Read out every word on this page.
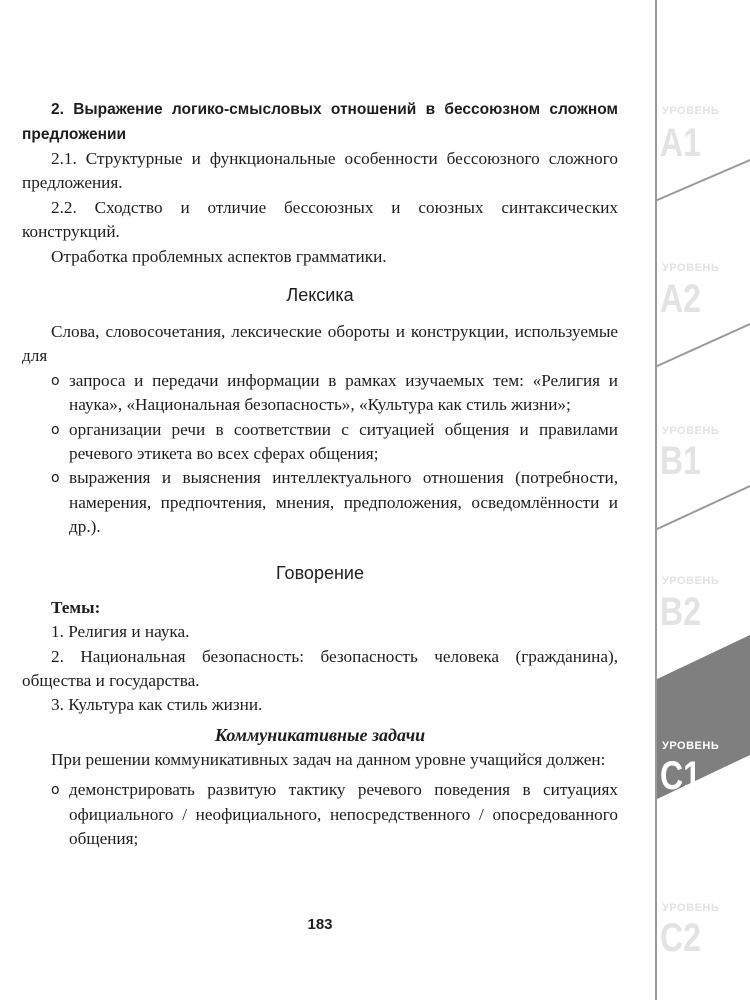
2. Выражение логико-смысловых отношений в бессоюзном сложном предложении

2.1. Структурные и функциональные особенности бессоюзного сложного предложения.

2.2. Сходство и отличие бессоюзных и союзных синтаксических конструкций.

Отработка проблемных аспектов грамматики.

Лексика

Слова, словосочетания, лексические обороты и конструкции, используемые для

o запроса и передачи информации в рамках изучаемых тем: «Религия и наука», «Национальная безопасность», «Культура как стиль жизни»;
o организации речи в соответствии с ситуацией общения и правилами речевого этикета во всех сферах общения;
o выражения и выяснения интеллектуального отношения (потребности, намерения, предпочтения, мнения, предположения, осведомлённости и др.).
Говорение

Темы:

1. Религия и наука.

2. Национальная безопасность: безопасность человека (гражданина), общества и государства.

3. Культура как стиль жизни.

Коммуникативные задачи

При решении коммуникативных задач на данном уровне учащийся должен:

o демонстрировать развитую тактику речевого поведения в ситуациях официального / неофициального, непосредственного / опосредованного общения;
183
УРОВЕНЬ
A1
УРОВЕНЬ
A2
УРОВЕНЬ
B1
УРОВЕНЬ
B2
УРОВЕНЬ
C1
УРОВЕНЬ
C2
